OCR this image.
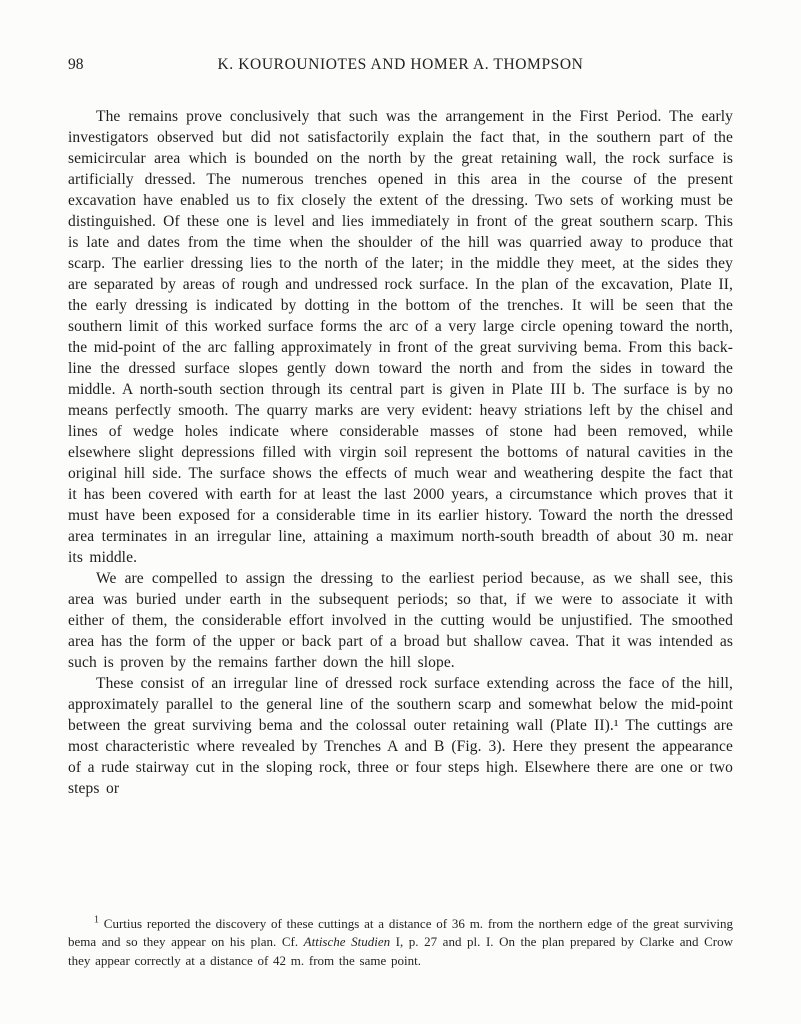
98	K. KOUROUNIOTES AND HOMER A. THOMPSON

The remains prove conclusively that such was the arrangement in the First Period. The early investigators observed but did not satisfactorily explain the fact that, in the southern part of the semicircular area which is bounded on the north by the great retaining wall, the rock surface is artificially dressed. The numerous trenches opened in this area in the course of the present excavation have enabled us to fix closely the extent of the dressing. Two sets of working must be distinguished. Of these one is level and lies immediately in front of the great southern scarp. This is late and dates from the time when the shoulder of the hill was quarried away to produce that scarp. The earlier dressing lies to the north of the later; in the middle they meet, at the sides they are separated by areas of rough and undressed rock surface. In the plan of the excavation, Plate II, the early dressing is indicated by dotting in the bottom of the trenches. It will be seen that the southern limit of this worked surface forms the arc of a very large circle opening toward the north, the mid-point of the arc falling approximately in front of the great surviving bema. From this back-line the dressed surface slopes gently down toward the north and from the sides in toward the middle. A north-south section through its central part is given in Plate III b. The surface is by no means perfectly smooth. The quarry marks are very evident: heavy striations left by the chisel and lines of wedge holes indicate where considerable masses of stone had been removed, while elsewhere slight depressions filled with virgin soil represent the bottoms of natural cavities in the original hill side. The surface shows the effects of much wear and weathering despite the fact that it has been covered with earth for at least the last 2000 years, a circumstance which proves that it must have been exposed for a considerable time in its earlier history. Toward the north the dressed area terminates in an irregular line, attaining a maximum north-south breadth of about 30 m. near its middle.

We are compelled to assign the dressing to the earliest period because, as we shall see, this area was buried under earth in the subsequent periods; so that, if we were to associate it with either of them, the considerable effort involved in the cutting would be unjustified. The smoothed area has the form of the upper or back part of a broad but shallow cavea. That it was intended as such is proven by the remains farther down the hill slope.

These consist of an irregular line of dressed rock surface extending across the face of the hill, approximately parallel to the general line of the southern scarp and somewhat below the mid-point between the great surviving bema and the colossal outer retaining wall (Plate II).¹ The cuttings are most characteristic where revealed by Trenches A and B (Fig. 3). Here they present the appearance of a rude stairway cut in the sloping rock, three or four steps high. Elsewhere there are one or two steps or

$^1$ Curtius reported the discovery of these cuttings at a distance of 36 m. from the northern edge of the great surviving bema and so they appear on his plan. Cf. Attische Studien I, p. 27 and pl. I. On the plan prepared by Clarke and Crow they appear correctly at a distance of 42 m. from the same point.
